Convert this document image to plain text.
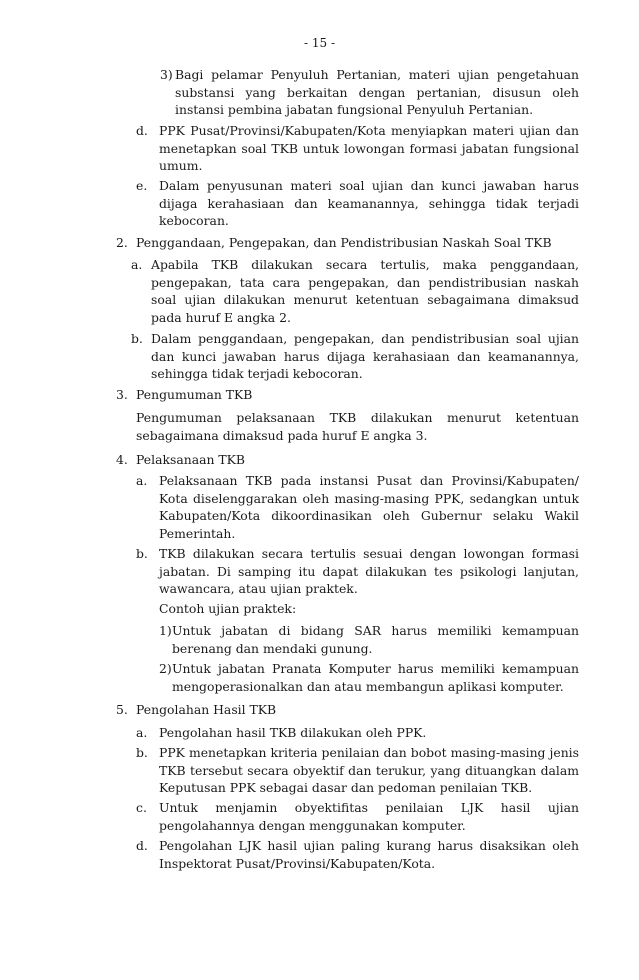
- 15 -
3) Bagi pelamar Penyuluh Pertanian, materi ujian pengetahuan substansi yang berkaitan dengan pertanian, disusun oleh instansi pembina jabatan fungsional Penyuluh Pertanian.
d. PPK Pusat/Provinsi/Kabupaten/Kota menyiapkan materi ujian dan menetapkan soal TKB untuk lowongan formasi jabatan fungsional umum.
e. Dalam penyusunan materi soal ujian dan kunci jawaban harus dijaga kerahasiaan dan keamanannya, sehingga tidak terjadi kebocoran.
2. Penggandaan, Pengepakan, dan Pendistribusian Naskah Soal TKB
a. Apabila TKB dilakukan secara tertulis, maka penggandaan, pengepakan, tata cara pengepakan, dan pendistribusian naskah soal ujian dilakukan menurut ketentuan sebagaimana dimaksud pada huruf E angka 2.
b. Dalam penggandaan, pengepakan, dan pendistribusian soal ujian dan kunci jawaban harus dijaga kerahasiaan dan keamanannya, sehingga tidak terjadi kebocoran.
3. Pengumuman TKB
Pengumuman pelaksanaan TKB dilakukan menurut ketentuan sebagaimana dimaksud pada huruf E angka 3.
4. Pelaksanaan TKB
a. Pelaksanaan TKB pada instansi Pusat dan Provinsi/Kabupaten/ Kota diselenggarakan oleh masing-masing PPK, sedangkan untuk Kabupaten/Kota dikoordinasikan oleh Gubernur selaku Wakil Pemerintah.
b. TKB dilakukan secara tertulis sesuai dengan lowongan formasi jabatan. Di samping itu dapat dilakukan tes psikologi lanjutan, wawancara, atau ujian praktek.
Contoh ujian praktek:
1) Untuk jabatan di bidang SAR harus memiliki kemampuan berenang dan mendaki gunung.
2) Untuk jabatan Pranata Komputer harus memiliki kemampuan mengoperasionalkan dan atau membangun aplikasi komputer.
5. Pengolahan Hasil TKB
a. Pengolahan hasil TKB dilakukan oleh PPK.
b. PPK menetapkan kriteria penilaian dan bobot masing-masing jenis TKB tersebut secara obyektif dan terukur, yang dituangkan dalam Keputusan PPK sebagai dasar dan pedoman penilaian TKB.
c. Untuk menjamin obyektifitas penilaian LJK hasil ujian pengolahannya dengan menggunakan komputer.
d. Pengolahan LJK hasil ujian paling kurang harus disaksikan oleh Inspektorat Pusat/Provinsi/Kabupaten/Kota.
